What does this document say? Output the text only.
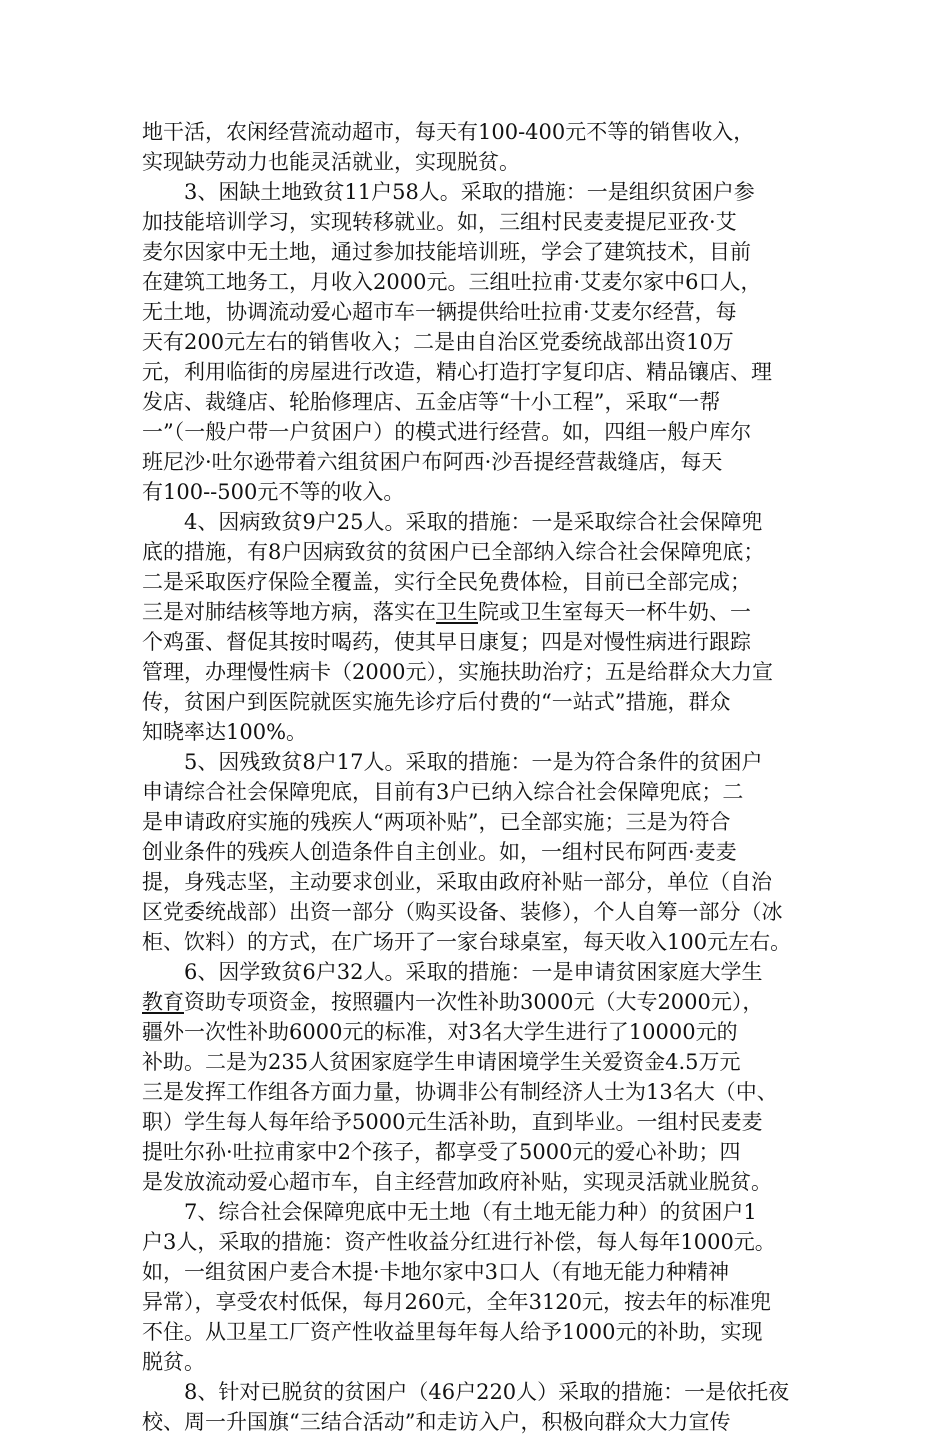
地干活，农闲经营流动超市，每天有100-400元不等的销售收入，
实现缺劳动力也能灵活就业，实现脱贫。
3、困缺土地致贫11户58人。采取的措施：一是组织贫困户参
加技能培训学习，实现转移就业。如，三组村民麦麦提尼亚孜·艾
麦尔因家中无土地，通过参加技能培训班，学会了建筑技术，目前
在建筑工地务工，月收入2000元。三组吐拉甫·艾麦尔家中6口人，
无土地，协调流动爱心超市车一辆提供给吐拉甫·艾麦尔经营，每
天有200元左右的销售收入；二是由自治区党委统战部出资10万
元，利用临街的房屋进行改造，精心打造打字复印店、精品镶店、理
发店、裁缝店、轮胎修理店、五金店等“十小工程”，采取“一帮
一”（一般户带一户贫困户）的模式进行经营。如，四组一般户库尔
班尼沙·吐尔逊带着六组贫困户布阿西·沙吾提经营裁缝店，每天
有100--500元不等的收入。
4、因病致贫9户25人。采取的措施：一是采取综合社会保障兜
底的措施，有8户因病致贫的贫困户已全部纳入综合社会保障兜底；
二是采取医疗保险全覆盖，实行全民免费体检，目前已全部完成；
三是对肺结核等地方病，落实在卫生院或卫生室每天一杯牛奶、一
个鸡蛋、督促其按时喝药，使其早日康复；四是对慢性病进行跟踪
管理，办理慢性病卡（2000元），实施扶助治疗；五是给群众大力宣
传，贫困户到医院就医实施先诊疗后付费的“一站式”措施，群众
知晓率达100%。
5、因残致贫8户17人。采取的措施：一是为符合条件的贫困户
申请综合社会保障兜底，目前有3户已纳入综合社会保障兜底；二
是申请政府实施的残疾人“两项补贴”，已全部实施；三是为符合
创业条件的残疾人创造条件自主创业。如，一组村民布阿西·麦麦
提，身残志坚，主动要求创业，采取由政府补贴一部分，单位（自治
区党委统战部）出资一部分（购买设备、装修），个人自筹一部分（冰
柜、饮料）的方式，在广场开了一家台球桌室，每天收入100元左右。
6、因学致贫6户32人。采取的措施：一是申请贫困家庭大学生
教育资助专项资金，按照疆内一次性补助3000元（大专2000元），
疆外一次性补助6000元的标准，对3名大学生进行了10000元的
补助。二是为235人贫困家庭学生申请困境学生关爱资金4.5万元
三是发挥工作组各方面力量，协调非公有制经济人士为13名大（中、
职）学生每人每年给予5000元生活补助，直到毕业。一组村民麦麦
提吐尔孙·吐拉甫家中2个孩子，都享受了5000元的爱心补助；四
是发放流动爱心超市车，自主经营加政府补贴，实现灵活就业脱贫。
7、综合社会保障兜底中无土地（有土地无能力种）的贫困户1
户3人，采取的措施：资产性收益分红进行补偿，每人每年1000元。
如，一组贫困户麦合木提·卡地尔家中3口人（有地无能力种精神
异常），享受农村低保，每月260元，全年3120元，按去年的标准兜
不住。从卫星工厂资产性收益里每年每人给予1000元的补助，实现
脱贫。
8、针对已脱贫的贫困户（46户220人）采取的措施：一是依托夜
校、周一升国旗“三结合活动”和走访入户，积极向群众大力宣传
